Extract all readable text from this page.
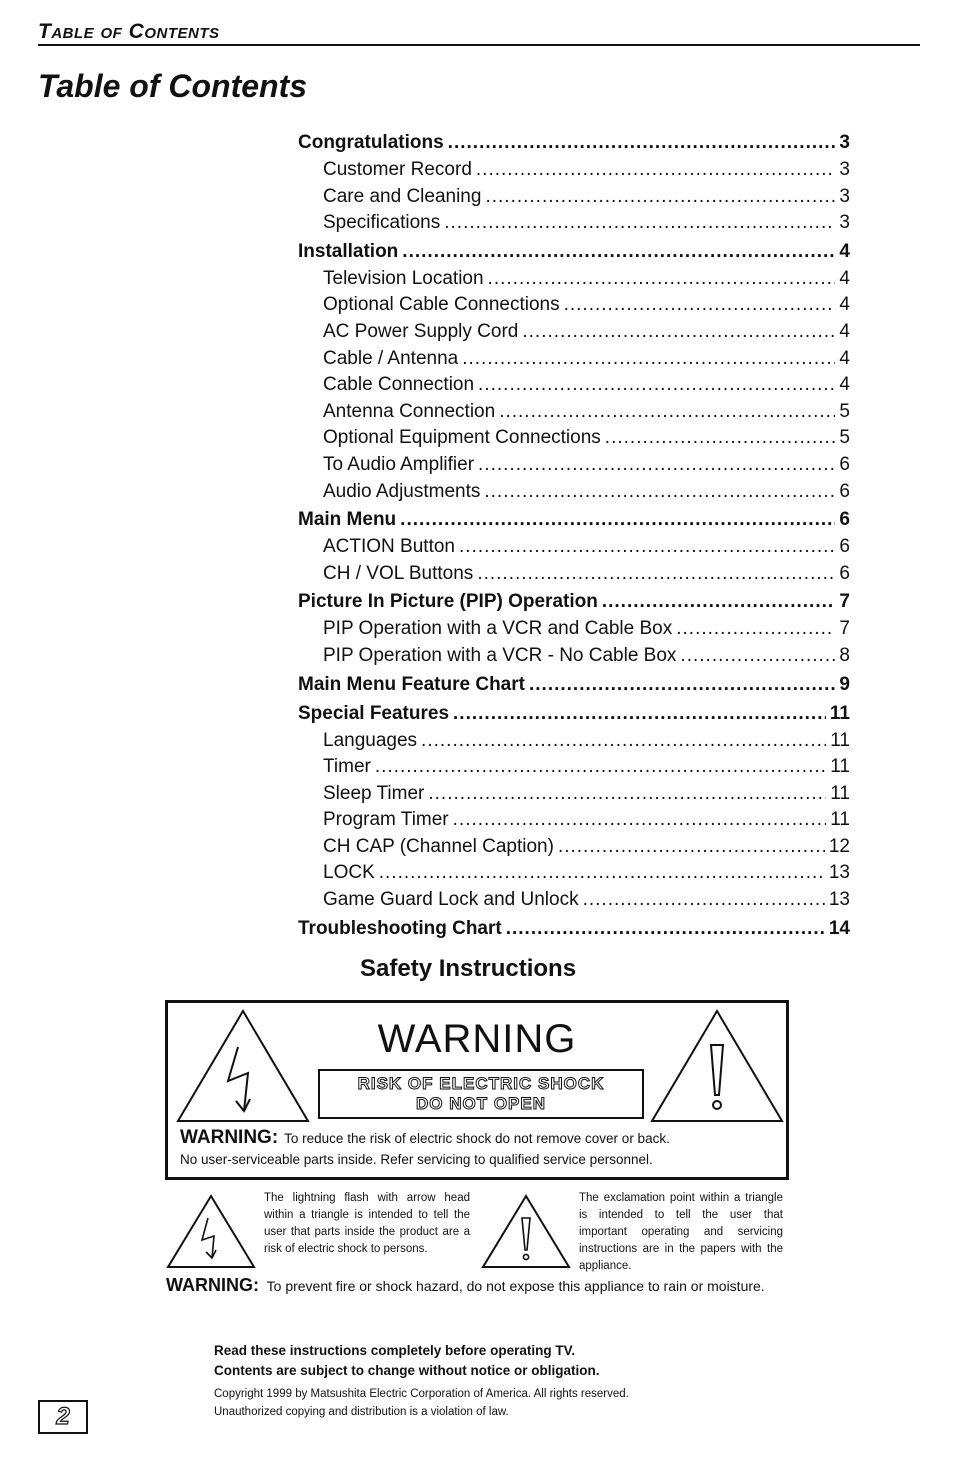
Table of Contents
Table of Contents
Congratulations .....	3
Customer Record .....	3
Care and Cleaning .....	3
Specifications .....	3
Installation .....	4
Television Location .....	4
Optional Cable Connections .....	4
AC Power Supply Cord .....	4
Cable / Antenna .....	4
Cable Connection .....	4
Antenna Connection .....	5
Optional Equipment Connections .....	5
To Audio Amplifier .....	6
Audio Adjustments .....	6
Main Menu .....	6
ACTION Button .....	6
CH / VOL Buttons .....	6
Picture In Picture (PIP) Operation .....	7
PIP Operation with a VCR and Cable Box .....	7
PIP Operation with a VCR - No Cable Box .....	8
Main Menu Feature Chart .....	9
Special Features .....	11
Languages .....	11
Timer .....	11
Sleep Timer .....	11
Program Timer .....	11
CH CAP (Channel Caption) .....	12
LOCK .....	13
Game Guard Lock and Unlock .....	13
Troubleshooting Chart .....	14
Safety Instructions
WARNING
RISK OF ELECTRIC SHOCK
DO NOT OPEN
WARNING: To reduce the risk of electric shock do not remove cover or back.
No user-serviceable parts inside. Refer servicing to qualified service personnel.
The lightning flash with arrow head within a triangle is intended to tell the user that parts inside the product are a risk of electric shock to persons.
The exclamation point within a triangle is intended to tell the user that important operating and servicing instructions are in the papers with the appliance.
WARNING: To prevent fire or shock hazard, do not expose this appliance to rain or moisture.
Read these instructions completely before operating TV.
Contents are subject to change without notice or obligation.
Copyright 1999 by Matsushita Electric Corporation of America. All rights reserved.
Unauthorized copying and distribution is a violation of law.
2
